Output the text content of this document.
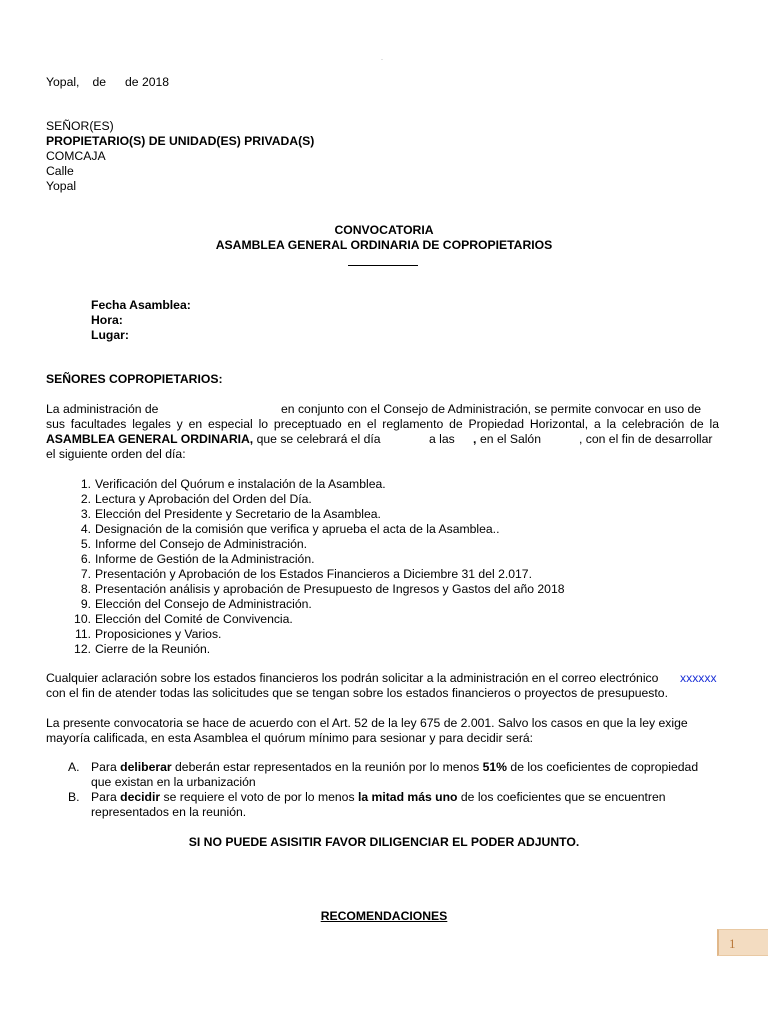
·
Yopal, de de 2018
SEÑOR(ES)
PROPIETARIO(S) DE UNIDAD(ES) PRIVADA(S)
COMCAJA
Calle
Yopal
CONVOCATORIA
ASAMBLEA GENERAL ORDINARIA DE COPROPIETARIOS
Fecha Asamblea:
Hora:
Lugar:
SEÑORES COPROPIETARIOS:
La administración de	en conjunto con el Consejo de Administración, se permite convocar en uso de
sus facultades legales y en especial lo preceptuado en el reglamento de Propiedad Horizontal, a la celebración de la
ASAMBLEA GENERAL ORDINARIA, que se celebrará el día	a las , en el Salón	, con el fin de desarrollar
el siguiente orden del día:
1. Verificación del Quórum e instalación de la Asamblea.
2. Lectura y Aprobación del Orden del Día.
3. Elección del Presidente y Secretario de la Asamblea.
4. Designación de la comisión que verifica y aprueba el acta de la Asamblea..
5. Informe del Consejo de Administración.
6. Informe de Gestión de la Administración.
7. Presentación y Aprobación de los Estados Financieros a Diciembre 31 del 2.017.
8. Presentación análisis y aprobación de Presupuesto de Ingresos y Gastos del año 2018
9. Elección del Consejo de Administración.
10. Elección del Comité de Convivencia.
11. Proposiciones y Varios.
12. Cierre de la Reunión.
Cualquier aclaración sobre los estados financieros los podrán solicitar a la administración en el correo electrónico xxxxxx
con el fin de atender todas las solicitudes que se tengan sobre los estados financieros o proyectos de presupuesto.
La presente convocatoria se hace de acuerdo con el Art. 52 de la ley 675 de 2.001. Salvo los casos en que la ley exige
mayoría calificada, en esta Asamblea el quórum mínimo para sesionar y para decidir será:
A. Para deliberar deberán estar representados en la reunión por lo menos 51% de los coeficientes de copropiedad
que existan en la urbanización
B. Para decidir se requiere el voto de por lo menos la mitad más uno de los coeficientes que se encuentren
representados en la reunión.
SI NO PUEDE ASISITIR FAVOR DILIGENCIAR EL PODER ADJUNTO.
RECOMENDACIONES
1
